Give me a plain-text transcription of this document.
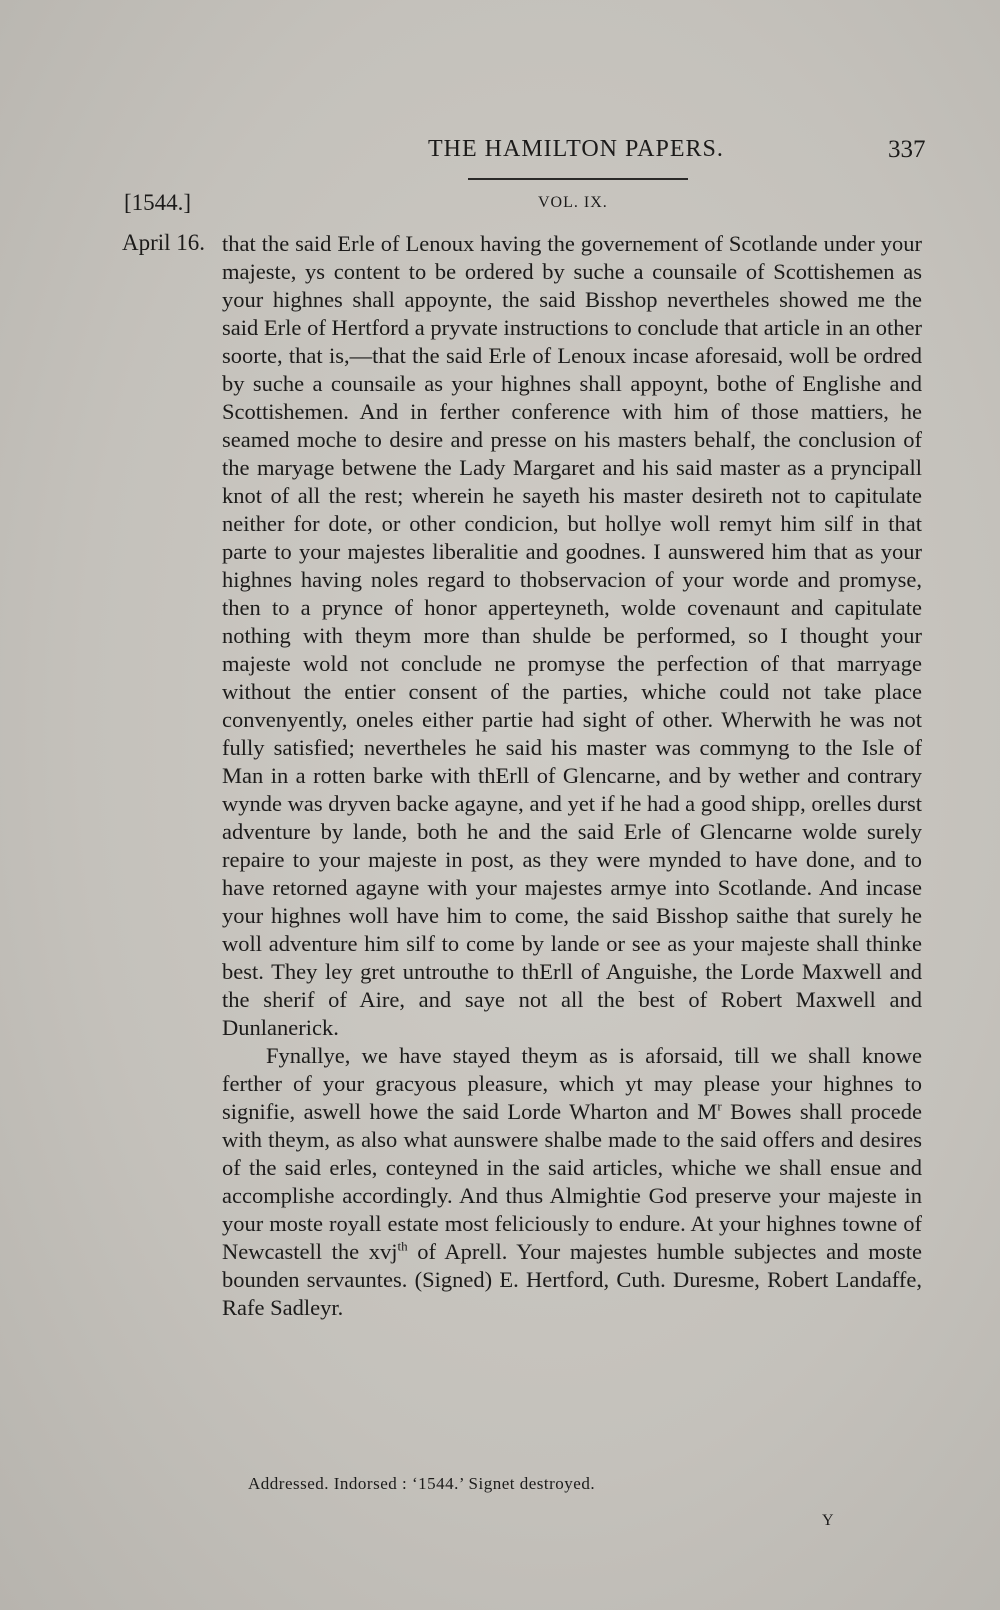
THE HAMILTON PAPERS.	337
[1544.]	VOL. IX.
April 16. that the said Erle of Lenoux having the governement of Scotlande under your majeste, ys content to be ordered by suche a counsaile of Scottishemen as your highnes shall appoynte, the said Bisshop nevertheles showed me the said Erle of Hertford a pryvate instructions to conclude that article in an other soorte, that is,—that the said Erle of Lenoux incase aforesaid, woll be ordred by suche a counsaile as your highnes shall appoynt, bothe of Englishe and Scottishemen. And in ferther conference with him of those mattiers, he seamed moche to desire and presse on his masters behalf, the conclusion of the maryage betwene the Lady Margaret and his said master as a pryncipall knot of all the rest; wherein he sayeth his master desireth not to capitulate neither for dote, or other condicion, but hollye woll remyt him silf in that parte to your majestes liberalitie and goodnes. I aunswered him that as your highnes having noles regard to thobservacion of your worde and promyse, then to a prynce of honor apperteyneth, wolde covenaunt and capitulate nothing with theym more than shulde be performed, so I thought your majeste wold not conclude ne promyse the perfection of that marryage without the entier consent of the parties, whiche could not take place convenyently, oneles either partie had sight of other. Wherwith he was not fully satisfied; nevertheles he said his master was commyng to the Isle of Man in a rotten barke with thErll of Glencarne, and by wether and contrary wynde was dryven backe agayne, and yet if he had a good shipp, orelles durst adventure by lande, both he and the said Erle of Glencarne wolde surely repaire to your majeste in post, as they were mynded to have done, and to have retorned agayne with your majestes armye into Scotlande. And incase your highnes woll have him to come, the said Bisshop saithe that surely he woll adventure him silf to come by lande or see as your majeste shall thinke best. They ley gret untrouthe to thErll of Anguishe, the Lorde Maxwell and the sherif of Aire, and saye not all the best of Robert Maxwell and Dunlanerick.

Fynallye, we have stayed theym as is aforsaid, till we shall knowe ferther of your gracyous pleasure, which yt may please your highnes to signifie, aswell howe the said Lorde Wharton and $M^r$ Bowes shall procede with theym, as also what aunswere shalbe made to the said offers and desires of the said erles, conteyned in the said articles, whiche we shall ensue and accomplishe accordingly. And thus Almightie God preserve your majeste in your moste royall estate most feliciously to endure. At your highnes towne of Newcastell the xvj$^{th}$ of Aprell. Your majestes humble subjectes and moste bounden servauntes. (Signed) E. Hertford, Cuth. Duresme, Robert Landaffe, Rafe Sadleyr.

Addressed. Indorsed : ‘1544.’ Signet destroyed.
Y
